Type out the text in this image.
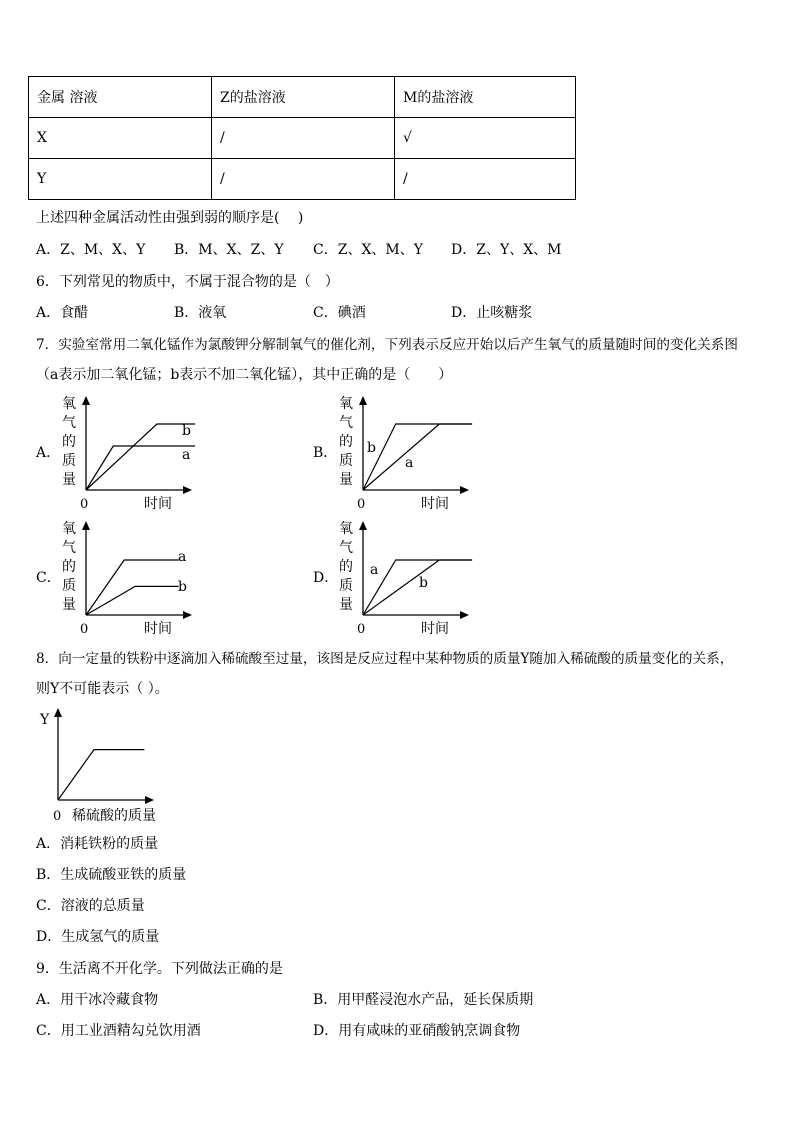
金属 溶液	Z的盐溶液	M的盐溶液
X	/	√
Y	/	/
上述四种金属活动性由强到弱的顺序是(　 )
A．Z、M、X、Y B．M、X、Z、Y C．Z、X、M、Y D．Z、Y、X、M
6．下列常见的物质中，不属于混合物的是（　）
A．食醋	B．液氧	C．碘酒	D．止咳糖浆
7．实验室常用二氧化锰作为氯酸钾分解制氧气的催化剂，下列表示反应开始以后产生氧气的质量随时间的变化关系图
（a表示加二氧化锰；b表示不加二氧化锰），其中正确的是（　　）
A．	B．
C．	D．
氧
气
的
质
量
0	时间
a
b
氧
气
的
质
量
0	时间
a
b
氧
气
的
质
量
0	时间
a
b
氧
气
的
质
量
0	时间
a
b
8．向一定量的铁粉中逐滴加入稀硫酸至过量，该图是反应过程中某种物质的质量Y随加入稀硫酸的质量变化的关系，
则Y不可能表示（ ）。
Y
0 稀硫酸的质量
A．消耗铁粉的质量
B．生成硫酸亚铁的质量
C．溶液的总质量
D．生成氢气的质量
9．生活离不开化学。下列做法正确的是
A．用干冰冷藏食物	B．用甲醛浸泡水产品，延长保质期
C．用工业酒精勾兑饮用酒	D．用有咸味的亚硝酸钠烹调食物
